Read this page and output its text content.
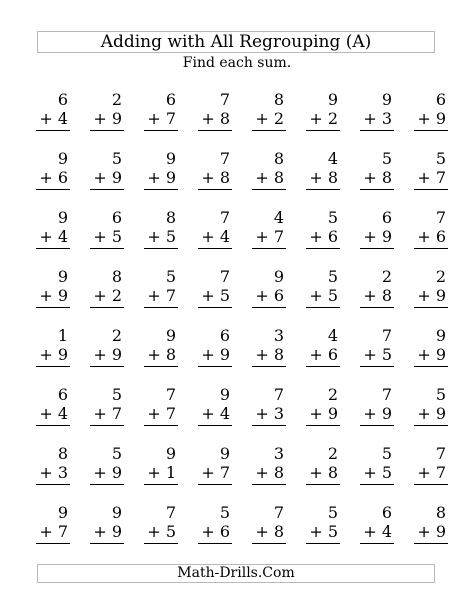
Adding with All Regrouping (A)
Find each sum.
6
+ 4
2
+ 9
6
+ 7
7
+ 8
8
+ 2
9
+ 2
9
+ 3
6
+ 9
9
+ 6
5
+ 9
9
+ 9
7
+ 8
8
+ 8
4
+ 8
5
+ 8
5
+ 7
9
+ 4
6
+ 5
8
+ 5
7
+ 4
4
+ 7
5
+ 6
6
+ 9
7
+ 6
9
+ 9
8
+ 2
5
+ 7
7
+ 5
9
+ 6
5
+ 5
2
+ 8
2
+ 9
1
+ 9
2
+ 9
9
+ 8
6
+ 9
3
+ 8
4
+ 6
7
+ 5
9
+ 9
6
+ 4
5
+ 7
7
+ 7
9
+ 4
7
+ 3
2
+ 9
7
+ 9
5
+ 9
8
+ 3
5
+ 9
9
+ 1
9
+ 7
3
+ 8
2
+ 8
5
+ 5
7
+ 7
9
+ 7
9
+ 9
7
+ 5
5
+ 6
7
+ 8
5
+ 5
6
+ 4
8
+ 9
Math-Drills.Com
